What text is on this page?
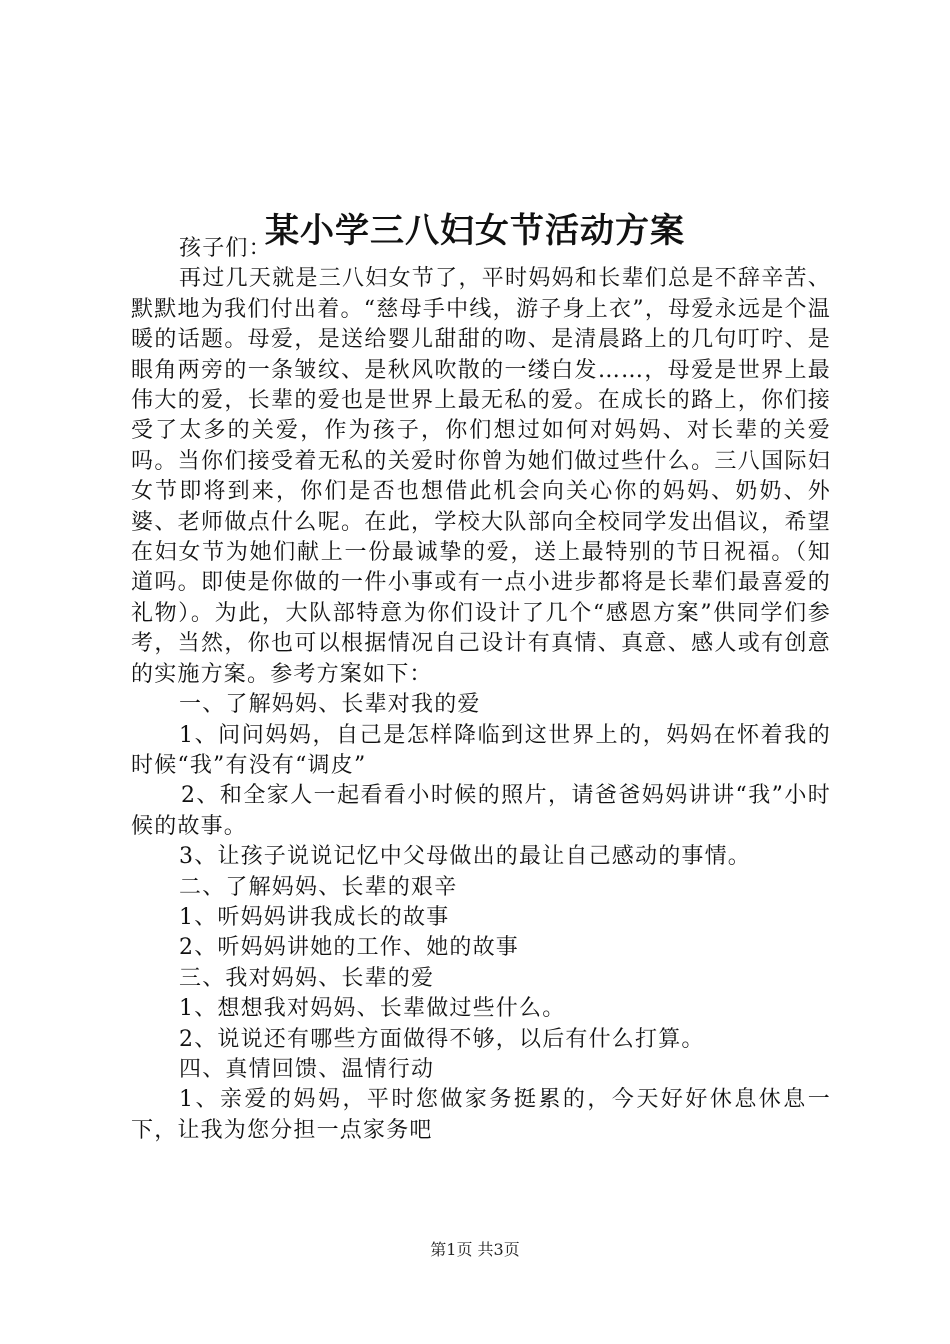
某小学三八妇女节活动方案

孩子们：

再过几天就是三八妇女节了，平时妈妈和长辈们总是不辞辛苦、默默地为我们付出着。“慈母手中线，游子身上衣”，母爱永远是个温暖的话题。母爱，是送给婴儿甜甜的吻、是清晨路上的几句叮咛、是眼角两旁的一条皱纹、是秋风吹散的一缕白发……，母爱是世界上最伟大的爱，长辈的爱也是世界上最无私的爱。在成长的路上，你们接受了太多的关爱，作为孩子，你们想过如何对妈妈、对长辈的关爱吗。当你们接受着无私的关爱时你曾为她们做过些什么。三八国际妇女节即将到来，你们是否也想借此机会向关心你的妈妈、奶奶、外婆、老师做点什么呢。在此，学校大队部向全校同学发出倡议，希望在妇女节为她们献上一份最诚挚的爱，送上最特别的节日祝福。（知道吗。即使是你做的一件小事或有一点小进步都将是长辈们最喜爱的礼物）。为此，大队部特意为你们设计了几个“感恩方案”供同学们参考，当然，你也可以根据情况自己设计有真情、真意、感人或有创意的实施方案。参考方案如下：

一、了解妈妈、长辈对我的爱

1、问问妈妈，自己是怎样降临到这世界上的，妈妈在怀着我的时候“我”有没有“调皮”

2、和全家人一起看看小时候的照片，请爸爸妈妈讲讲“我”小时候的故事。

3、让孩子说说记忆中父母做出的最让自己感动的事情。

二、了解妈妈、长辈的艰辛

1、听妈妈讲我成长的故事

2、听妈妈讲她的工作、她的故事

三、我对妈妈、长辈的爱

1、想想我对妈妈、长辈做过些什么。

2、说说还有哪些方面做得不够，以后有什么打算。

四、真情回馈、温情行动

1、亲爱的妈妈，平时您做家务挺累的，今天好好休息休息一下，让我为您分担一点家务吧

第1页 共3页
